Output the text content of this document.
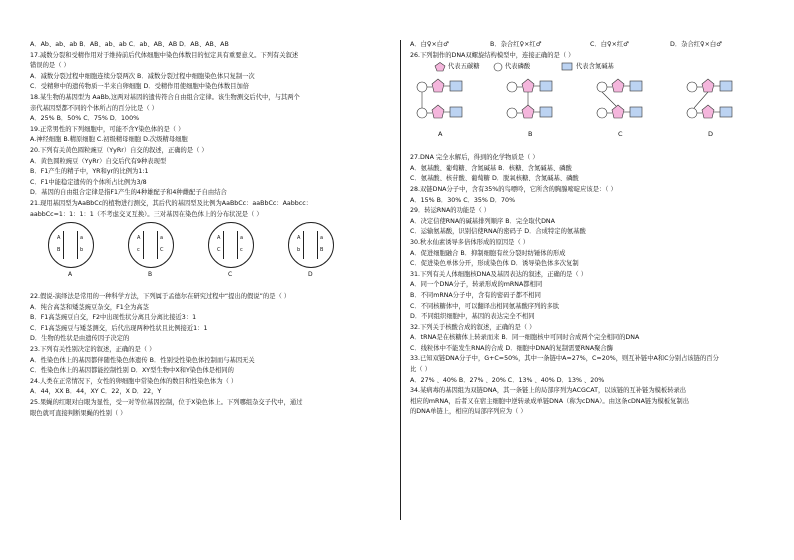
A．Ab、ab、ab B．AB、ab、ab C．ab、AB、AB D．AB、AB、AB
17.减数分裂和受精作用对于维持前后代体细胞中染色体数目的恒定具有重要意义。下列有关叙述
错误的是（ ）
A．减数分裂过程中细胞连续分裂两次 B．减数分裂过程中细胞染色体只复制一次
C．受精卵中的遗传物质一半来自卵细胞 D．受精作用使细胞中染色体数目加倍
18.某生物的基因型为 AaBb,这两对基因的遗传符合自由组合定律。该生物测交后代中，与其两个
亲代基因型都不同的个体所占的百分比是（ ）
A．25% B．50% C．75% D．100%
19.正常男性的下列细胞中，可能不含Y染色体的是（ ）
A.神经细胞 B.精原细胞 C.初级精母细胞 D.次级精母细胞
20.下列有关黄色圆粒豌豆（YyRr）自交的叙述，正确的是（ ）
A．黄色圆粒豌豆（YyRr）自交后代有9种表现型
B．F1产生的精子中，YR和yr的比例为1:1
C．F1中能稳定遗传的个体所占比例为3/8
D．基因的自由组合定律是指F1产生的4种雄配子和4种雌配子自由结合
21.现用基因型为AaBbCc的植物进行测交，其后代的基因型及比例为AaBbCc：aaBbCc：Aabbcc：
aabbCc=1：1：1：1（不考虑交叉互换）。三对基因在染色体上的分布状况是（ ）
A
B
a
b
A
c
a
C
A
C
a
c
A
b
a
B
A	B	C	D
22.假说-演绎法是常用的一种科学方法，下列属于孟德尔在研究过程中“提出的假说”的是（ ）
A．纯合高茎和矮茎豌豆杂交，F1全为高茎
B．F1高茎豌豆自交，F2中出现性状分离且分离比接近3：1
C．F1高茎豌豆与矮茎测交，后代出现两种性状且比例接近1：1
D．生物的性状是由遗传因子决定的
23.下列有关性别决定的叙述，正确的是（ ）
A．性染色体上的基因都伴随性染色体遗传 B．性别受性染色体控制而与基因无关
C．性染色体上的基因都能控制性别 D．XY型生物中X和Y染色体是相同的
24.人类在正常情况下，女性的卵细胞中常染色体的数目和性染色体为（ ）
A．44，XX B．44，XY C．22，X D．22，Y
25.果蝇的红眼对白眼为显性，受一对等位基因控制，位于X染色体上。下列哪组杂交子代中，通过
眼色就可直接判断果蝇的性别（ ）
A．白♀×白♂	B．杂合红♀×红♂	C．白♀×红♂	D．杂合红♀×白♂
26.下列制作的DNA双螺旋结构模型中，连接正确的是（ ）
代表五碳糖	代表磷酸	代表含氮碱基
A	B	C	D
27.DNA 完全水解后，得到的化学物质是（ ）
A．氨基酸、葡萄糖、含氮碱基 B．核糖、含氮碱基、磷酸
C．氨基酸、核苷酸、葡萄糖 D．脱氧核糖、含氮碱基、磷酸
28.双链DNA分子中，含有35%的鸟嘌呤，它所含的胸腺嘧啶应该是：（ ）
A．15% B．30% C．35% D．70%
29．转运RNA的功能是（ ）
A．决定信使RNA的碱基排列顺序 B．完全取代DNA
C．运输氨基酸，识别信使RNA的密码子 D．合成特定的氨基酸
30.秋水仙素诱导多倍体形成的原因是（ ）
A．促进细胞融合 B．抑制细胞有丝分裂时纺锤体的形成
C．促进染色单体分开，形成染色体 D．诱导染色体多次复制
31.下列有关人体细胞核DNA及基因表达的叙述，正确的是（ ）
A．同一个DNA分子，转录形成的mRNA都相同
B．不同mRNA分子中，含有的密码子都不相同
C．不同核糖体中，可以翻译出相同氨基酸序列的多肽
D．不同组织细胞中，基因的表达完全不相同
32.下列关于核酸合成的叙述，正确的是（ ）
A．tRNA是在核糖体上转录而来 B．同一细胞核中可同时合成两个完全相同的DNA
C．线粒体中不能发生RNA的合成 D．细胞中DNA的复制需要RNA聚合酶
33.已知双链DNA分子中，G+C=50%，其中一条链中A=27%，C=20%，则互补链中A和C分别占该链的百分
比（ ）
A．27% 、40% B．27% 、20% C．13% 、40% D．13% 、20%
34.某病毒的基因组为双链DNA，其一条链上的局部序列为ACGCAT，以该链的互补链为模板转录出
相应的mRNA，后者又在宿主细胞中逆转录成单链DNA（称为cDNA）。由这条cDNA链为模板复制出
的DNA单链上，相应的局部序列应为（ ）
